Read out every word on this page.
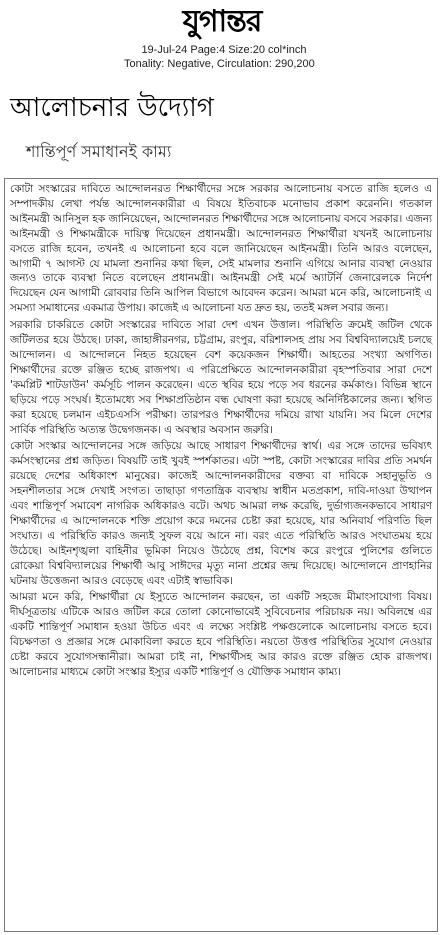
যুগান্তর
19-Jul-24 Page:4 Size:20 col*inch
Tonality: Negative, Circulation: 290,200
আলোচনার উদ্যোগ
শান্তিপূর্ণ সমাধানই কাম্য

কোটা সংস্কারের দাবিতে আন্দোলনরত শিক্ষার্থীদের সঙ্গে সরকার আলোচনায় বসতে রাজি হলেও এ সম্পাদকীয় লেখা পর্যন্ত আন্দোলনকারীরা এ বিষয়ে ইতিবাচক মনোভাব প্রকাশ করেননি। গতকাল আইনমন্ত্রী আনিসুল হক জানিয়েছেন, আন্দোলনরত শিক্ষার্থীদের সঙ্গে আলোচনায় বসবে সরকার। এজন্য আইনমন্ত্রী ও শিক্ষামন্ত্রীকে দায়িত্ব দিয়েছেন প্রধানমন্ত্রী। আন্দোলনরত শিক্ষার্থীরা যখনই আলোচনায় বসতে রাজি হবেন, তখনই এ আলোচনা হবে বলে জানিয়েছেন আইনমন্ত্রী। তিনি আরও বলেছেন, আগামী ৭ আগস্ট যে মামলা শুনানির কথা ছিল, সেই মামলার শুনানি এগিয়ে আনার ব্যবস্থা নেওয়ার জন্যও তাকে ব্যবস্থা নিতে বলেছেন প্রধানমন্ত্রী। আইনমন্ত্রী সেই মর্মে অ্যাটর্নি জেনারেলকে নির্দেশ দিয়েছেন যেন আগামী রোববার তিনি আপিল বিভাগে আবেদন করেন। আমরা মনে করি, আলোচনাই এ সমস্যা সমাধানের একমাত্র উপায়। কাজেই এ আলোচনা যত দ্রুত হয়, ততই মঙ্গল সবার জন্য।

সরকারি চাকরিতে কোটা সংস্কারের দাবিতে সারা দেশ এখন উত্তাল। পরিস্থিতি ক্রমেই জটিল থেকে জটিলতর হয়ে উঠছে। ঢাকা, জাহাঙ্গীরনগর, চট্টগ্রাম, রংপুর, বরিশালসহ প্রায় সব বিশ্ববিদ্যালয়েই চলছে আন্দোলন। এ আন্দোলনে নিহত হয়েছেন বেশ কয়েকজন শিক্ষার্থী। আহতের সংখ্যা অগণিত। শিক্ষার্থীদের রক্তে রঞ্জিত হচ্ছে রাজপথ। এ পরিপ্রেক্ষিতে আন্দোলনকারীরা বৃহস্পতিবার সারা দেশে 'কমপ্লিট শাটডাউন' কর্মসূচি পালন করেছেন। এতে স্থবির হয়ে পড়ে সব ধরনের কর্মকাণ্ড। বিভিন্ন স্থানে ছড়িয়ে পড়ে সংঘর্ষ। ইতোমধ্যে সব শিক্ষাপ্রতিষ্ঠান বন্ধ ঘোষণা করা হয়েছে অনির্দিষ্টকালের জন্য। স্থগিত করা হয়েছে চলমান এইচএসসি পরীক্ষা। তারপরও শিক্ষার্থীদের দমিয়ে রাখা যায়নি। সব মিলে দেশের সার্বিক পরিস্থিতি অত্যন্ত উদ্বেগজনক। এ অবস্থার অবসান জরুরি।

কোটা সংস্কার আন্দোলনের সঙ্গে জড়িয়ে আছে সাধারণ শিক্ষার্থীদের স্বার্থ। এর সঙ্গে তাদের ভবিষ্যৎ কর্মসংস্থানের প্রশ্ন জড়িত। বিষয়টি তাই খুবই স্পর্শকাতর। এটা স্পষ্ট, কোটা সংস্কারের দাবির প্রতি সমর্থন রয়েছে দেশের অধিকাংশ মানুষের। কাজেই আন্দোলনকারীদের বক্তব্য বা দাবিকে সহানুভূতি ও সহনশীলতার সঙ্গে দেখাই সংগত। তাছাড়া গণতান্ত্রিক ব্যবস্থায় স্বাধীন মতপ্রকাশ, দাবি-দাওয়া উত্থাপন এবং শান্তিপূর্ণ সমাবেশ নাগরিক অধিকারও বটে। অথচ আমরা লক্ষ করেছি, দুর্ভাগ্যজনকভাবে সাধারণ শিক্ষার্থীদের এ আন্দোলনকে শক্তি প্রয়োগ করে দমনের চেষ্টা করা হয়েছে, যার অনিবার্য পরিণতি ছিল সংঘাত। এ পরিস্থিতি কারও জন্যই সুফল বয়ে আনে না। বরং এতে পরিস্থিতি আরও সংঘাতময় হয়ে উঠেছে। আইনশৃঙ্খলা বাহিনীর ভূমিকা নিয়েও উঠেছে প্রশ্ন, বিশেষ করে রংপুরে পুলিশের গুলিতে রোকেয়া বিশ্ববিদ্যালয়ের শিক্ষার্থী আবু সাঈদের মৃত্যু নানা প্রশ্নের জন্ম দিয়েছে। আন্দোলনে প্রাণহানির ঘটনায় উত্তেজনা আরও বেড়েছে এবং এটাই স্বাভাবিক।

আমরা মনে করি, শিক্ষার্থীরা যে ইস্যুতে আন্দোলন করছেন, তা একটি সহজে মীমাংসাযোগ্য বিষয়। দীর্ঘসূত্রতায় এটিকে আরও জটিল করে তোলা কোনোভাবেই সুবিবেচনার পরিচায়ক নয়। অবিলম্বে এর একটি শান্তিপূর্ণ সমাধান হওয়া উচিত এবং এ লক্ষ্যে সংশ্লিষ্ট পক্ষগুলোকে আলোচনায় বসতে হবে। বিচক্ষণতা ও প্রজ্ঞার সঙ্গে মোকাবিলা করতে হবে পরিস্থিতি। নয়তো উত্তপ্ত পরিস্থিতির সুযোগ নেওয়ার চেষ্টা করবে সুযোগসন্ধানীরা। আমরা চাই না, শিক্ষার্থীসহ আর কারও রক্তে রঞ্জিত হোক রাজপথ। আলোচনার মাধ্যমে কোটা সংস্কার ইস্যুর একটি শান্তিপূর্ণ ও যৌক্তিক সমাধান কাম্য।
